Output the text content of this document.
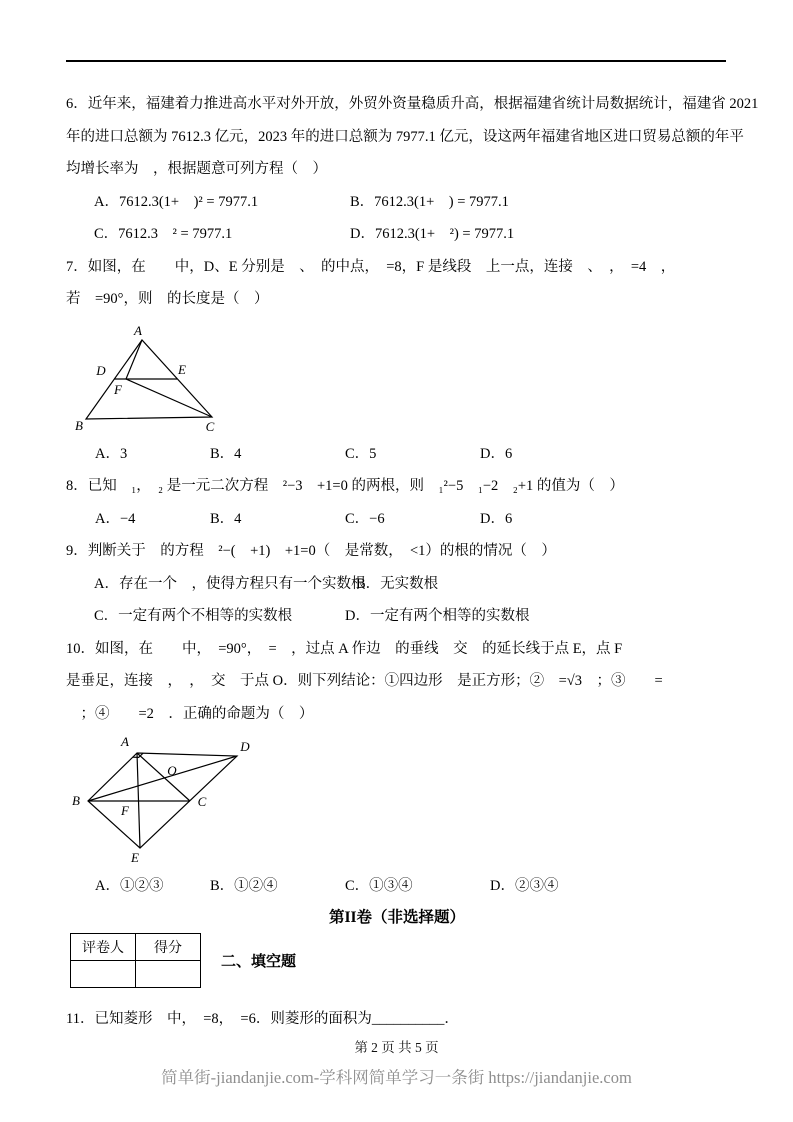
6．近年来，福建着力推进高水平对外开放，外贸外资量稳质升高，根据福建省统计局数据统计，福建省 2021
年的进口总额为 7612.3 亿元，2023 年的进口总额为 7977.1 亿元，设这两年福建省地区进口贸易总额的年平
均增长率为　，根据题意可列方程（　）
A．7612.3(1+　)² = 7977.1	B．7612.3(1+　) = 7977.1
C．7612.3　² = 7977.1	D．7612.3(1+　²) = 7977.1
7．如图，在　　中，D、E 分别是　、　的中点，　=8，F 是线段　上一点，连接　、　，　=4　，
若　=90°，则　的长度是（　）
A
B	C
D	E
F
A．3	B．4	C．5	D．6
8．已知　₁，　₂ 是一元二次方程　²−3　+1=0 的两根，则　₁²−5　₁−2　₂+1 的值为（　）
A．−4	B．4	C．−6	D．6
9．判断关于　的方程　²−(　+1)　+1=0（　是常数，　<1）的根的情况（　）
A．存在一个　，使得方程只有一个实数根
B．无实数根
C．一定有两个不相等的实数根	D．一定有两个相等的实数根
10．如图，在　　中，　=90°，　=　，过点 A 作边　的垂线　交　的延长线于点 E，点 F
是垂足，连接　，　，　交　于点 O．则下列结论：①四边形　是正方形；②　=√3　；③　　=
　；④　　=2　．正确的命题为（　）
A	D
O
B	C
F
E
A．①②③	B．①②④	C．①③④	D．②③④
第II卷（非选择题）
评卷人	得分

二、填空题
11．已知菱形　中，　=8，　=6．则菱形的面积为__________．
第 2 页 共 5 页
简单街-jiandanjie.com-学科网简单学习一条街 https://jiandanjie.com
